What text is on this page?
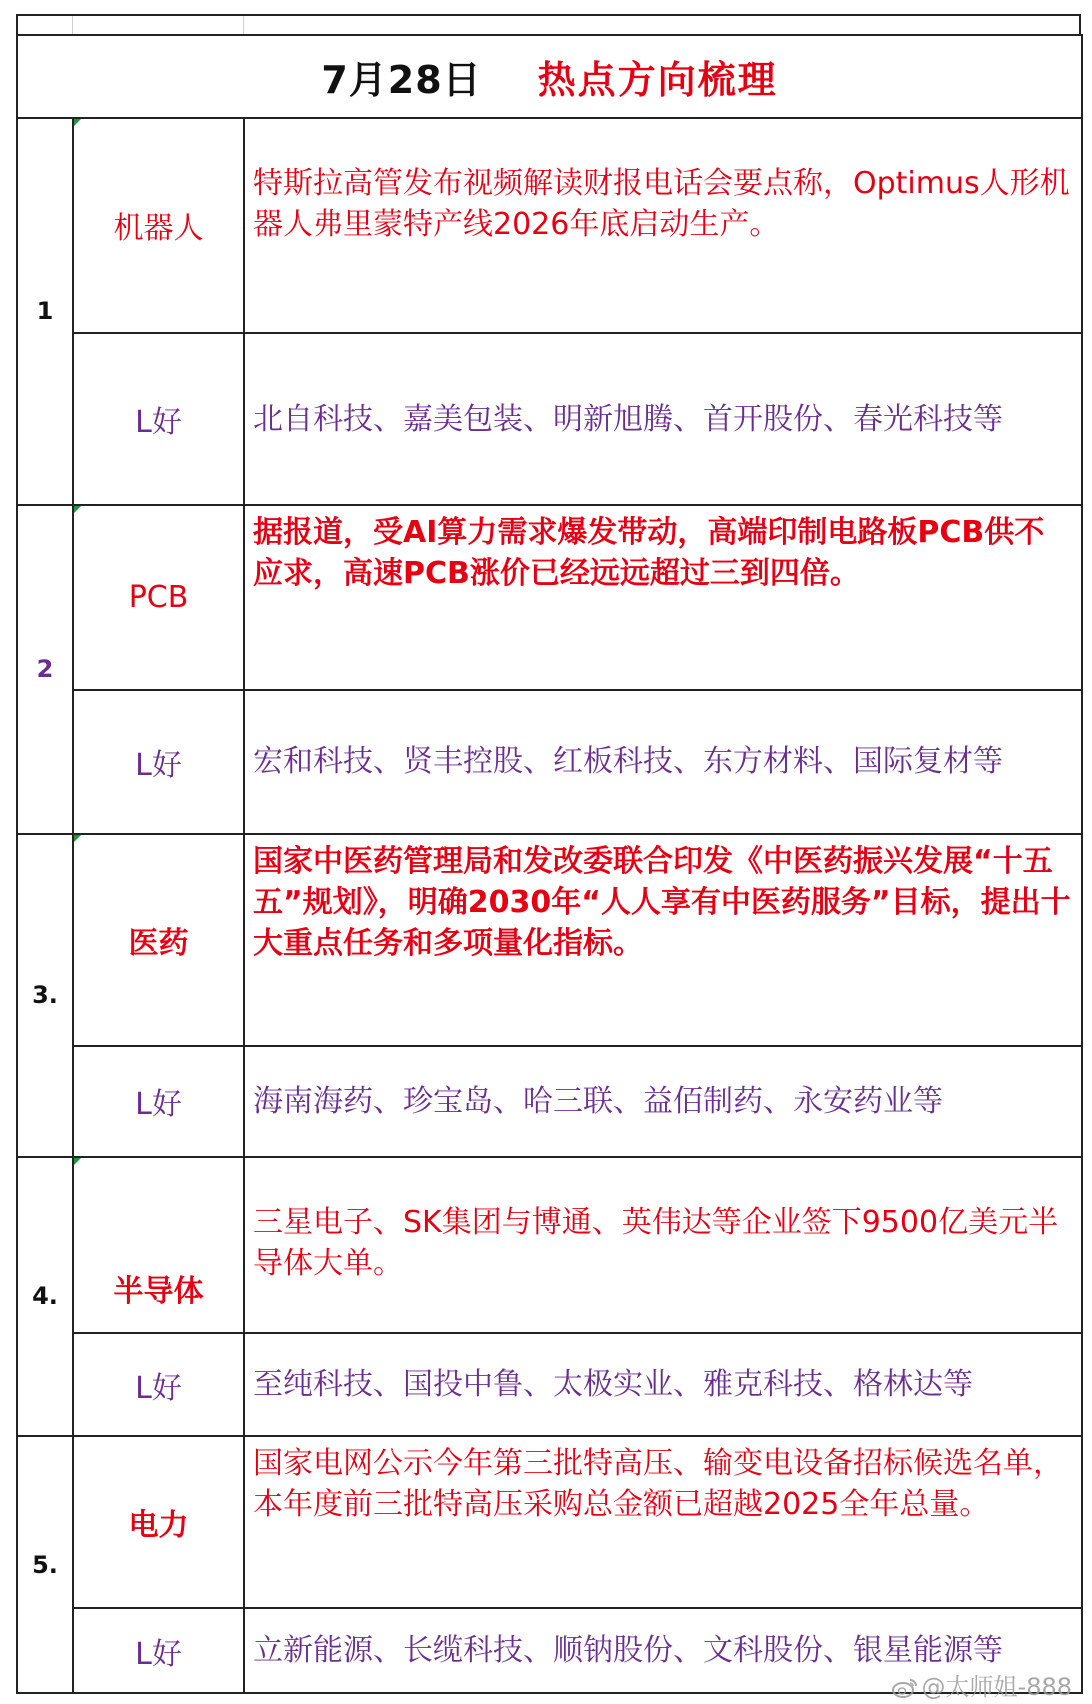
7月28日 热点方向梳理		
1	机器人	特斯拉高管发布视频解读财报电话会要点称，Optimus人形机器人弗里蒙特产线2026年底启动生产。
	L好	北自科技、嘉美包装、明新旭腾、首开股份、春光科技等
2	PCB	据报道，受AI算力需求爆发带动，高端印制电路板PCB供不应求，高速PCB涨价已经远远超过三到四倍。
	L好	宏和科技、贤丰控股、红板科技、东方材料、国际复材等
3.	医药	国家中医药管理局和发改委联合印发《中医药振兴发展“十五五”规划》，明确2030年“人人享有中医药服务”目标，提出十大重点任务和多项量化指标。
	L好	海南海药、珍宝岛、哈三联、益佰制药、永安药业等
4.	半导体	三星电子、SK集团与博通、英伟达等企业签下9500亿美元半导体大单。
	L好	至纯科技、国投中鲁、太极实业、雅克科技、格林达等
5.	电力	国家电网公示今年第三批特高压、输变电设备招标候选名单，本年度前三批特高压采购总金额已超越2025全年总量。
	L好	立新能源、长缆科技、顺钠股份、文科股份、银星能源等
@太师姐-888
